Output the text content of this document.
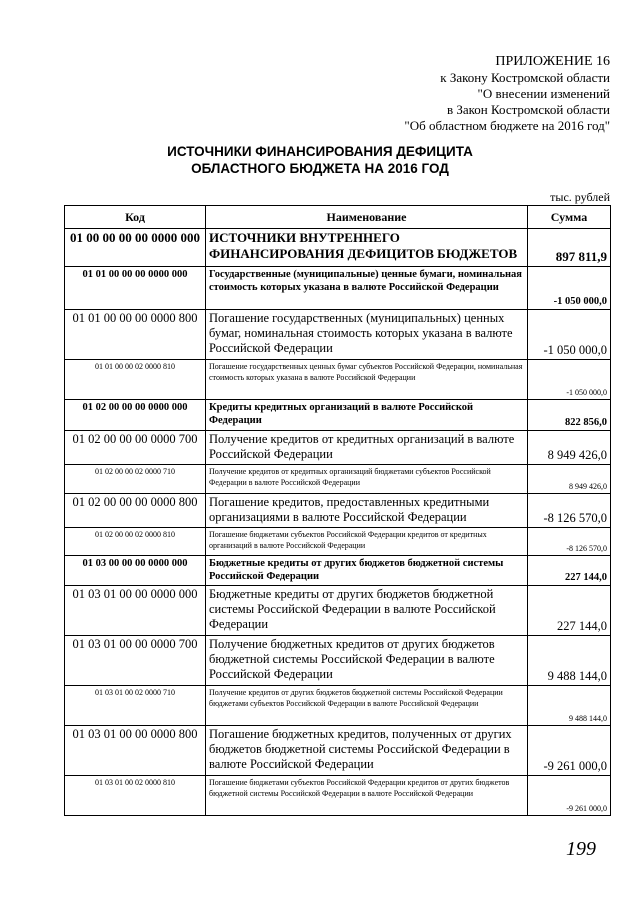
ПРИЛОЖЕНИЕ 16
к Закону Костромской области
"О внесении изменений
в Закон Костромской области
"Об областном бюджете на 2016 год"
ИСТОЧНИКИ ФИНАНСИРОВАНИЯ ДЕФИЦИТА
ОБЛАСТНОГО БЮДЖЕТА НА 2016 ГОД
тыс. рублей
Код	Наименование	Сумма
01 00 00 00 00 0000 000	ИСТОЧНИКИ ВНУТРЕННЕГО ФИНАНСИРОВАНИЯ ДЕФИЦИТОВ БЮДЖЕТОВ	897 811,9
01 01 00 00 00 0000 000	Государственные (муниципальные) ценные бумаги, номинальная стоимость которых указана в валюте Российской Федерации	-1 050 000,0
01 01 00 00 00 0000 800	Погашение государственных (муниципальных) ценных бумаг, номинальная стоимость которых указана в валюте Российской Федерации	-1 050 000,0
01 01 00 00 02 0000 810	Погашение государственных ценных бумаг субъектов Российской Федерации, номинальная стоимость которых указана в валюте Российской Федерации	-1 050 000,0
01 02 00 00 00 0000 000	Кредиты кредитных организаций в валюте Российской Федерации	822 856,0
01 02 00 00 00 0000 700	Получение кредитов от кредитных организаций в валюте Российской Федерации	8 949 426,0
01 02 00 00 02 0000 710	Получение кредитов от кредитных организаций бюджетами субъектов Российской Федерации в валюте Российской Федерации	8 949 426,0
01 02 00 00 00 0000 800	Погашение кредитов, предоставленных кредитными организациями в валюте Российской Федерации	-8 126 570,0
01 02 00 00 02 0000 810	Погашение бюджетами субъектов Российской Федерации кредитов от кредитных организаций в валюте Российской Федерации	-8 126 570,0
01 03 00 00 00 0000 000	Бюджетные кредиты от других бюджетов бюджетной системы Российской Федерации	227 144,0
01 03 01 00 00 0000 000	Бюджетные кредиты от других бюджетов бюджетной системы Российской Федерации в валюте Российской Федерации	227 144,0
01 03 01 00 00 0000 700	Получение бюджетных кредитов от других бюджетов бюджетной системы Российской Федерации в валюте Российской Федерации	9 488 144,0
01 03 01 00 02 0000 710	Получение кредитов от других бюджетов бюджетной системы Российской Федерации бюджетами субъектов Российской Федерации в валюте Российской Федерации	9 488 144,0
01 03 01 00 00 0000 800	Погашение бюджетных кредитов, полученных от других бюджетов бюджетной системы Российской Федерации в валюте Российской Федерации	-9 261 000,0
01 03 01 00 02 0000 810	Погашение бюджетами субъектов Российской Федерации кредитов от других бюджетов бюджетной системы Российской Федерации в валюте Российской Федерации	-9 261 000,0
199
